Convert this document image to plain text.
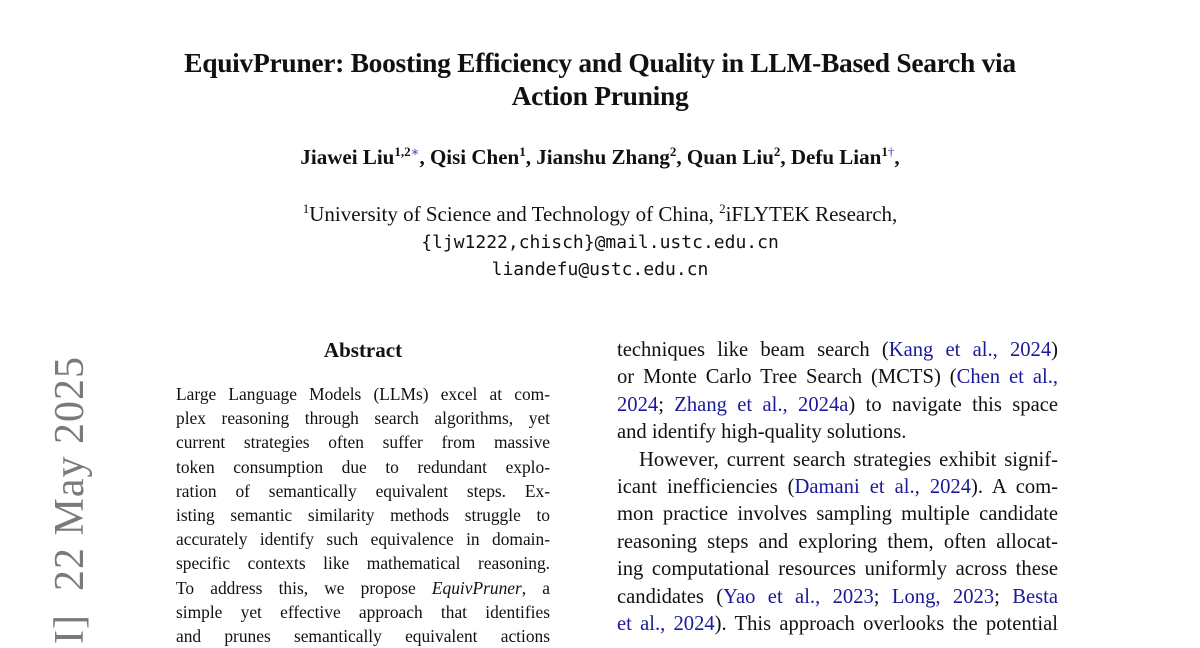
EquivPruner: Boosting Efficiency and Quality in LLM-Based Search via
Action Pruning
Jiawei Liu$^{1,2∗}$, Qisi Chen$^1$, Jianshu Zhang$^2$, Quan Liu$^2$, Defu Lian$^{1\dagger}$,
$^1$University of Science and Technology of China, $^2$iFLYTEK Research,
{ljw1222,chisch}@mail.ustc.edu.cn
liandefu@ustc.edu.cn
Abstract
Large Language Models (LLMs) excel at com-
plex reasoning through search algorithms, yet
current strategies often suffer from massive
token consumption due to redundant explo-
ration of semantically equivalent steps. Ex-
isting semantic similarity methods struggle to
accurately identify such equivalence in domain-
specific contexts like mathematical reasoning.
To address this, we propose EquivPruner, a
simple yet effective approach that identifies
and prunes semantically equivalent actions
techniques like beam search (Kang et al., 2024)
or Monte Carlo Tree Search (MCTS) (Chen et al.,
2024; Zhang et al., 2024a) to navigate this space
and identify high-quality solutions.
However, current search strategies exhibit signif-
icant inefficiencies (Damani et al., 2024). A com-
mon practice involves sampling multiple candidate
reasoning steps and exploring them, often allocat-
ing computational resources uniformly across these
candidates (Yao et al., 2023; Long, 2023; Besta
et al., 2024). This approach overlooks the potential
I]  22 May 2025
